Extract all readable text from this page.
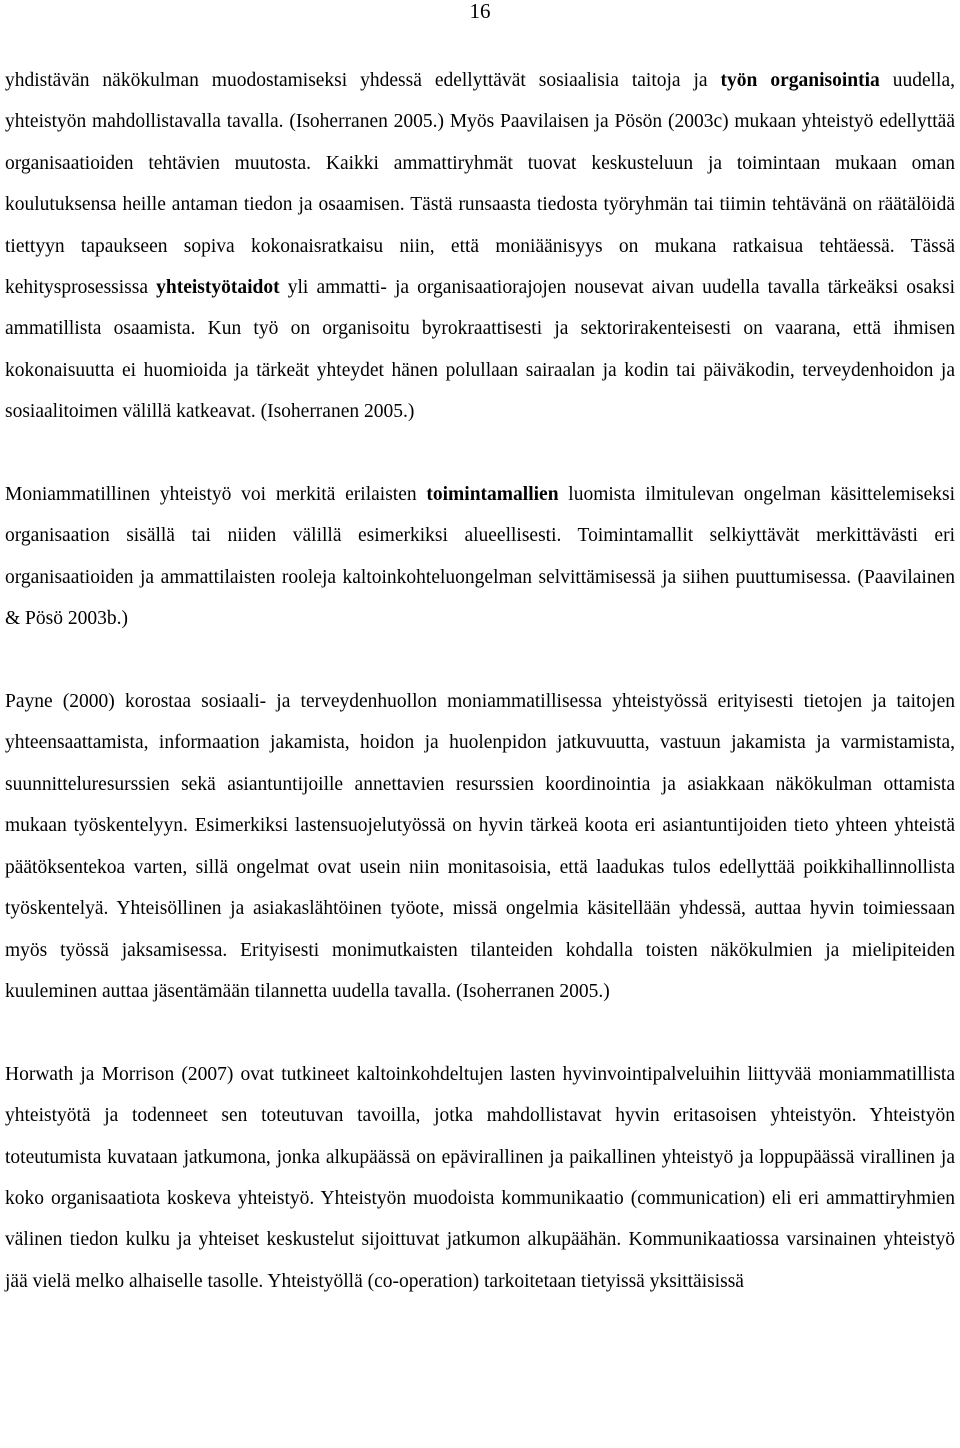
16

yhdistävän näkökulman muodostamiseksi yhdessä edellyttävät sosiaalisia taitoja ja työn organisointia uudella, yhteistyön mahdollistavalla tavalla. (Isoherranen 2005.) Myös Paavilaisen ja Pösön (2003c) mukaan yhteistyö edellyttää organisaatioiden tehtävien muutosta. Kaikki ammattiryhmät tuovat keskusteluun ja toimintaan mukaan oman koulutuksensa heille antaman tiedon ja osaamisen. Tästä runsaasta tiedosta työryhmän tai tiimin tehtävänä on räätälöidä tiettyyn tapaukseen sopiva kokonaisratkaisu niin, että moniäänisyys on mukana ratkaisua tehtäessä. Tässä kehitysprosessissa yhteistyötaidot yli ammatti- ja organisaatiorajojen nousevat aivan uudella tavalla tärkeäksi osaksi ammatillista osaamista. Kun työ on organisoitu byrokraattisesti ja sektorirakenteisesti on vaarana, että ihmisen kokonaisuutta ei huomioida ja tärkeät yhteydet hänen polullaan sairaalan ja kodin tai päiväkodin, terveydenhoidon ja sosiaalitoimen välillä katkeavat. (Isoherranen 2005.)

Moniammatillinen yhteistyö voi merkitä erilaisten toimintamallien luomista ilmitulevan ongelman käsittelemiseksi organisaation sisällä tai niiden välillä esimerkiksi alueellisesti. Toimintamallit selkiyttävät merkittävästi eri organisaatioiden ja ammattilaisten rooleja kaltoinkohteluongelman selvittämisessä ja siihen puuttumisessa. (Paavilainen & Pösö 2003b.)

Payne (2000) korostaa sosiaali- ja terveydenhuollon moniammatillisessa yhteistyössä erityisesti tietojen ja taitojen yhteensaattamista, informaation jakamista, hoidon ja huolenpidon jatkuvuutta, vastuun jakamista ja varmistamista, suunnitteluresurssien sekä asiantuntijoille annettavien resurssien koordinointia ja asiakkaan näkökulman ottamista mukaan työskentelyyn. Esimerkiksi lastensuojelutyössä on hyvin tärkeä koota eri asiantuntijoiden tieto yhteen yhteistä päätöksentekoa varten, sillä ongelmat ovat usein niin monitasoisia, että laadukas tulos edellyttää poikkihallinnollista työskentelyä. Yhteisöllinen ja asiakaslähtöinen työote, missä ongelmia käsitellään yhdessä, auttaa hyvin toimiessaan myös työssä jaksamisessa. Erityisesti monimutkaisten tilanteiden kohdalla toisten näkökulmien ja mielipiteiden kuuleminen auttaa jäsentämään tilannetta uudella tavalla. (Isoherranen 2005.)

Horwath ja Morrison (2007) ovat tutkineet kaltoinkohdeltujen lasten hyvinvointipalveluihin liittyvää moniammatillista yhteistyötä ja todenneet sen toteutuvan tavoilla, jotka mahdollistavat hyvin eritasoisen yhteistyön. Yhteistyön toteutumista kuvataan jatkumona, jonka alkupäässä on epävirallinen ja paikallinen yhteistyö ja loppupäässä virallinen ja koko organisaatiota koskeva yhteistyö. Yhteistyön muodoista kommunikaatio (communication) eli eri ammattiryhmien välinen tiedon kulku ja yhteiset keskustelut sijoittuvat jatkumon alkupäähän. Kommunikaatiossa varsinainen yhteistyö jää vielä melko alhaiselle tasolle. Yhteistyöllä (co-operation) tarkoitetaan tietyissä yksittäisissä
